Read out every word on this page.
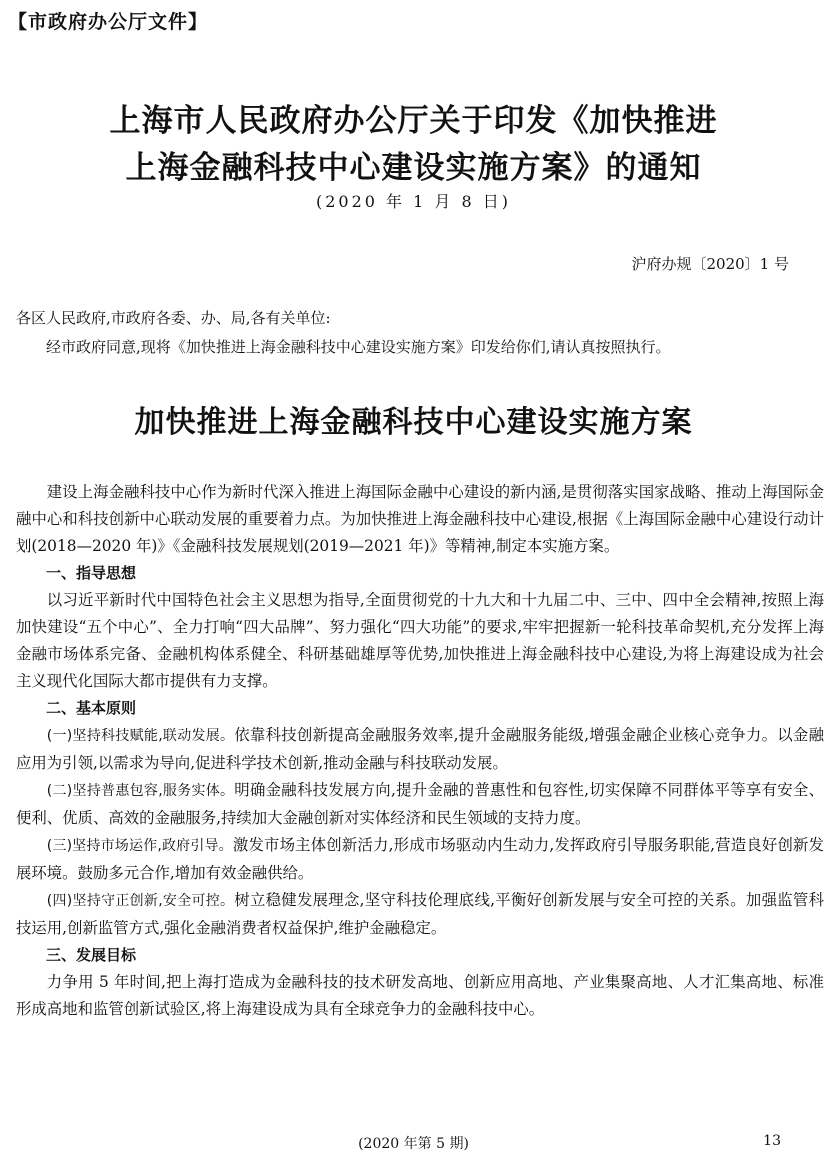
【市政府办公厅文件】
上海市人民政府办公厅关于印发《加快推进
上海金融科技中心建设实施方案》的通知
(2020 年 1 月 8 日)
沪府办规〔2020〕1 号
各区人民政府,市政府各委、办、局,各有关单位:
经市政府同意,现将《加快推进上海金融科技中心建设实施方案》印发给你们,请认真按照执行。
加快推进上海金融科技中心建设实施方案

建设上海金融科技中心作为新时代深入推进上海国际金融中心建设的新内涵,是贯彻落实国家战略、推动上海国际金融中心和科技创新中心联动发展的重要着力点。为加快推进上海金融科技中心建设,根据《上海国际金融中心建设行动计划(2018—2020 年)》《金融科技发展规划(2019—2021 年)》等精神,制定本实施方案。

一、指导思想

以习近平新时代中国特色社会主义思想为指导,全面贯彻党的十九大和十九届二中、三中、四中全会精神,按照上海加快建设“五个中心”、全力打响“四大品牌”、努力强化“四大功能”的要求,牢牢把握新一轮科技革命契机,充分发挥上海金融市场体系完备、金融机构体系健全、科研基础雄厚等优势,加快推进上海金融科技中心建设,为将上海建设成为社会主义现代化国际大都市提供有力支撑。

二、基本原则

(一)坚持科技赋能,联动发展。依靠科技创新提高金融服务效率,提升金融服务能级,增强金融企业核心竞争力。以金融应用为引领,以需求为导向,促进科学技术创新,推动金融与科技联动发展。

(二)坚持普惠包容,服务实体。明确金融科技发展方向,提升金融的普惠性和包容性,切实保障不同群体平等享有安全、便利、优质、高效的金融服务,持续加大金融创新对实体经济和民生领域的支持力度。

(三)坚持市场运作,政府引导。激发市场主体创新活力,形成市场驱动内生动力,发挥政府引导服务职能,营造良好创新发展环境。鼓励多元合作,增加有效金融供给。

(四)坚持守正创新,安全可控。树立稳健发展理念,坚守科技伦理底线,平衡好创新发展与安全可控的关系。加强监管科技运用,创新监管方式,强化金融消费者权益保护,维护金融稳定。

三、发展目标

力争用 5 年时间,把上海打造成为金融科技的技术研发高地、创新应用高地、产业集聚高地、人才汇集高地、标准形成高地和监管创新试验区,将上海建设成为具有全球竞争力的金融科技中心。

(2020 年第 5 期)	13
